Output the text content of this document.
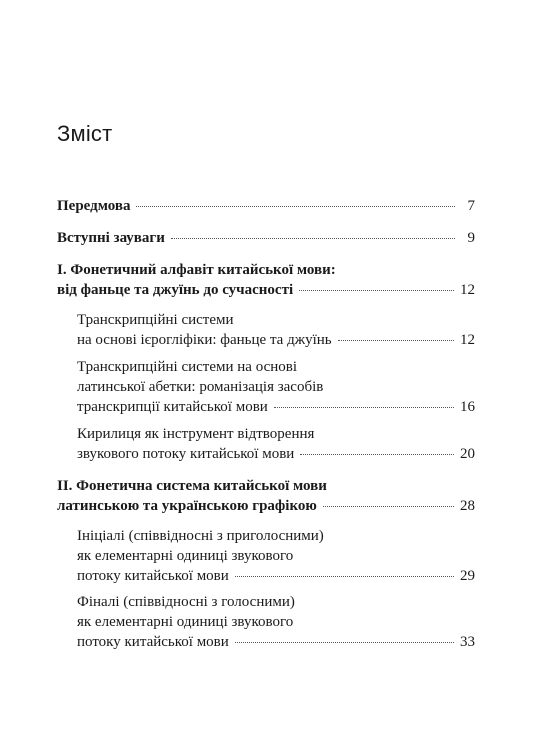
Зміст
Передмова	7
Вступні зауваги	9
І. Фонетичний алфавіт китайської мови:
від фаньце та джуїнь до сучасності	12
Транскрипційні системи
на основі ієрогліфіки: фаньце та джуїнь	12
Транскрипційні системи на основі
латинської абетки: романізація засобів
транскрипції китайської мови	16
Кирилиця як інструмент відтворення
звукового потоку китайської мови	20
ІІ. Фонетична система китайської мови
латинською та українською графікою	28
Ініціалі (співвідносні з приголосними)
як елементарні одиниці звукового
потоку китайської мови	29
Фіналі (співвідносні з голосними)
як елементарні одиниці звукового
потоку китайської мови	33
